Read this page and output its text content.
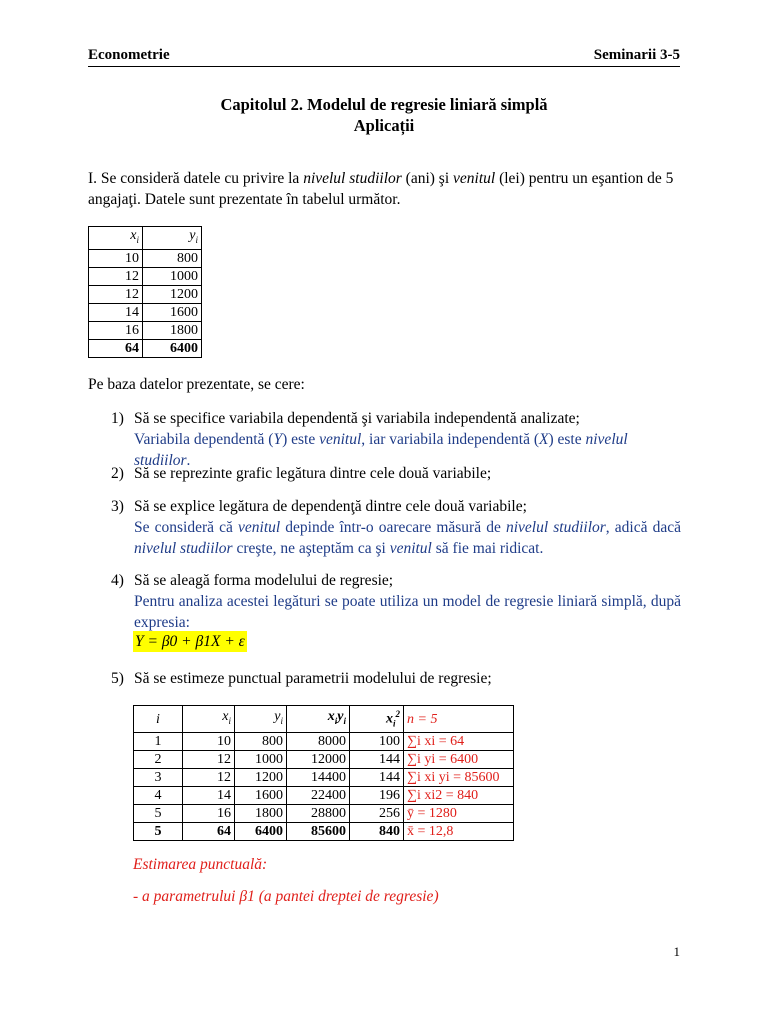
Econometrie	Seminarii 3-5
Capitolul 2. Modelul de regresie liniară simplă
Aplicații
I. Se consideră datele cu privire la nivelul studiilor (ani) şi venitul (lei) pentru un eşantion de 5 angajaţi. Datele sunt prezentate în tabelul următor.
$x_i$	$y_i$
10	800
12	1000
12	1200
14	1600
16	1800
64	6400
Pe baza datelor prezentate, se cere:
1) Să se specifice variabila dependentă şi variabila independentă analizate;
Variabila dependentă (Y) este venitul, iar variabila independentă (X) este nivelul studiilor.
2) Să se reprezinte grafic legătura dintre cele două variabile;
3) Să se explice legătura de dependenţă dintre cele două variabile;
Se consideră că venitul depinde într-o oarecare măsură de nivelul studiilor, adică dacă nivelul studiilor creşte, ne aşteptăm ca şi venitul să fie mai ridicat.
4) Să se aleagă forma modelului de regresie;
Pentru analiza acestei legături se poate utiliza un model de regresie liniară simplă, după expresia:
Y = β0 + β1X + ε
5) Să se estimeze punctual parametrii modelului de regresie;
i	$x_i$	$y_i$	$x_iy_i$	$x_i^2$	n = 5
1	10	800	8000	100	∑i xi = 64
2	12	1000	12000	144	∑i yi = 6400
3	12	1200	14400	144	∑i xi yi = 85600
4	14	1600	22400	196	∑i xi2 = 840
5	16	1800	28800	256	ȳ = 1280
5	64	6400	85600	840	x̄ = 12,8
Estimarea punctuală:
- a parametrului β1 (a pantei dreptei de regresie)
1
